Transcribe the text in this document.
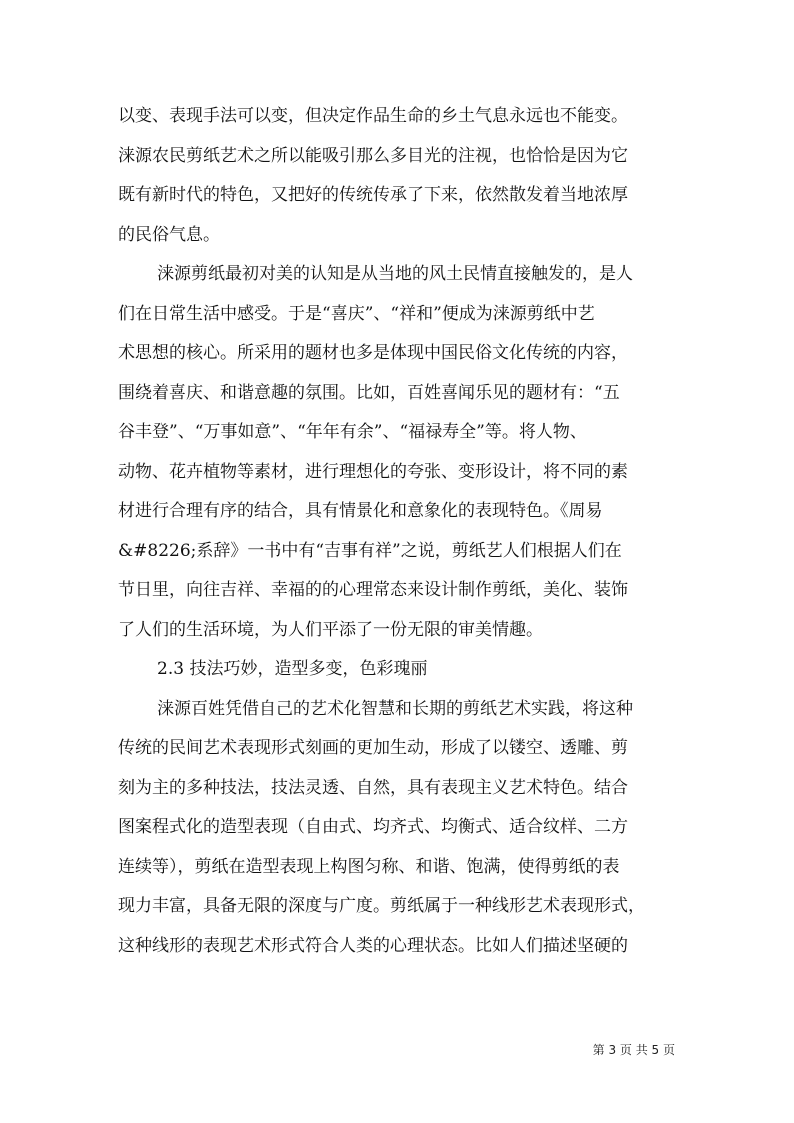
以变、表现手法可以变，但决定作品生命的乡土气息永远也不能变。
涞源农民剪纸艺术之所以能吸引那么多目光的注视，也恰恰是因为它
既有新时代的特色，又把好的传统传承了下来，依然散发着当地浓厚
的民俗气息。
涞源剪纸最初对美的认知是从当地的风土民情直接触发的，是人
们在日常生活中感受。于是“喜庆”、“祥和”便成为涞源剪纸中艺
术思想的核心。所采用的题材也多是体现中国民俗文化传统的内容，
围绕着喜庆、和谐意趣的氛围。比如，百姓喜闻乐见的题材有：“五
谷丰登”、“万事如意”、“年年有余”、“福禄寿全”等。将人物、
动物、花卉植物等素材，进行理想化的夸张、变形设计，将不同的素
材进行合理有序的结合，具有情景化和意象化的表现特色。《周易
&#8226;系辞》一书中有“吉事有祥”之说，剪纸艺人们根据人们在
节日里，向往吉祥、幸福的的心理常态来设计制作剪纸，美化、装饰
了人们的生活环境，为人们平添了一份无限的审美情趣。
2.3 技法巧妙，造型多变，色彩瑰丽
涞源百姓凭借自己的艺术化智慧和长期的剪纸艺术实践，将这种
传统的民间艺术表现形式刻画的更加生动，形成了以镂空、透雕、剪
刻为主的多种技法，技法灵透、自然，具有表现主义艺术特色。结合
图案程式化的造型表现（自由式、均齐式、均衡式、适合纹样、二方
连续等），剪纸在造型表现上构图匀称、和谐、饱满，使得剪纸的表
现力丰富，具备无限的深度与广度。剪纸属于一种线形艺术表现形式，
这种线形的表现艺术形式符合人类的心理状态。比如人们描述坚硬的
第 3 页 共 5 页
